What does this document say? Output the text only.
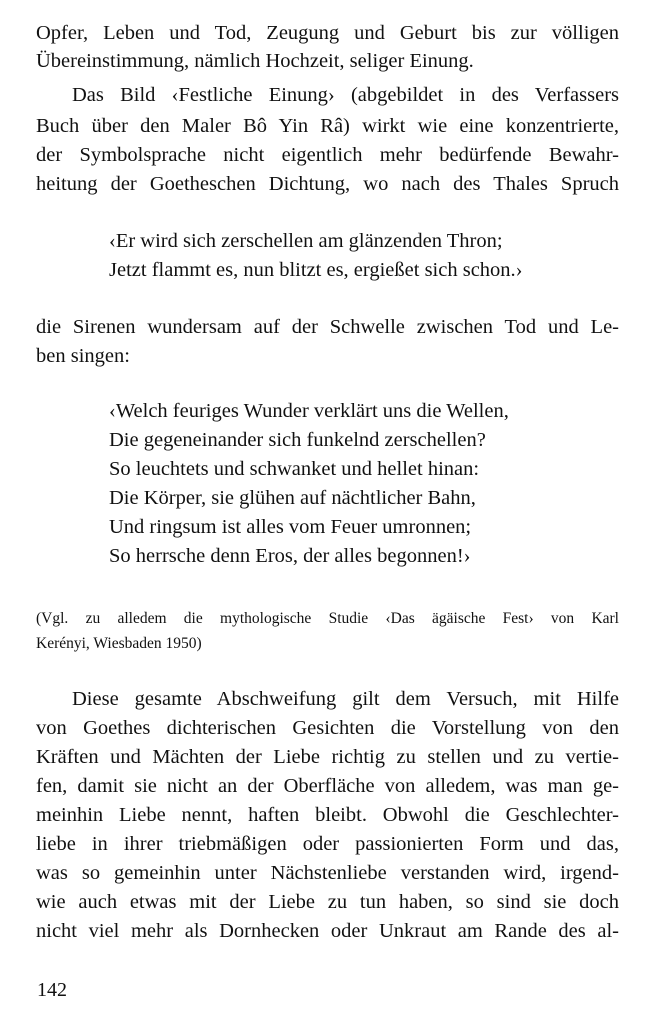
Opfer, Leben und Tod, Zeugung und Geburt bis zur völligen
Übereinstimmung, nämlich Hochzeit, seliger Einung.
Das Bild ‹Festliche Einung› (abgebildet in des Verfassers
Buch über den Maler Bô Yin Râ) wirkt wie eine konzentrierte,
der Symbolsprache nicht eigentlich mehr bedürfende Bewahr-
heitung der Goetheschen Dichtung, wo nach des Thales Spruch
‹Er wird sich zerschellen am glänzenden Thron;
Jetzt flammt es, nun blitzt es, ergießet sich schon.›
die Sirenen wundersam auf der Schwelle zwischen Tod und Le-
ben singen:
‹Welch feuriges Wunder verklärt uns die Wellen,
Die gegeneinander sich funkelnd zerschellen?
So leuchtets und schwanket und hellet hinan:
Die Körper, sie glühen auf nächtlicher Bahn,
Und ringsum ist alles vom Feuer umronnen;
So herrsche denn Eros, der alles begonnen!›
(Vgl. zu alledem die mythologische Studie ‹Das ägäische Fest› von Karl
Kerényi, Wiesbaden 1950)
Diese gesamte Abschweifung gilt dem Versuch, mit Hilfe
von Goethes dichterischen Gesichten die Vorstellung von den
Kräften und Mächten der Liebe richtig zu stellen und zu vertie-
fen, damit sie nicht an der Oberfläche von alledem, was man ge-
meinhin Liebe nennt, haften bleibt. Obwohl die Geschlechter-
liebe in ihrer triebmäßigen oder passionierten Form und das,
was so gemeinhin unter Nächstenliebe verstanden wird, irgend-
wie auch etwas mit der Liebe zu tun haben, so sind sie doch
nicht viel mehr als Dornhecken oder Unkraut am Rande des al-
142
